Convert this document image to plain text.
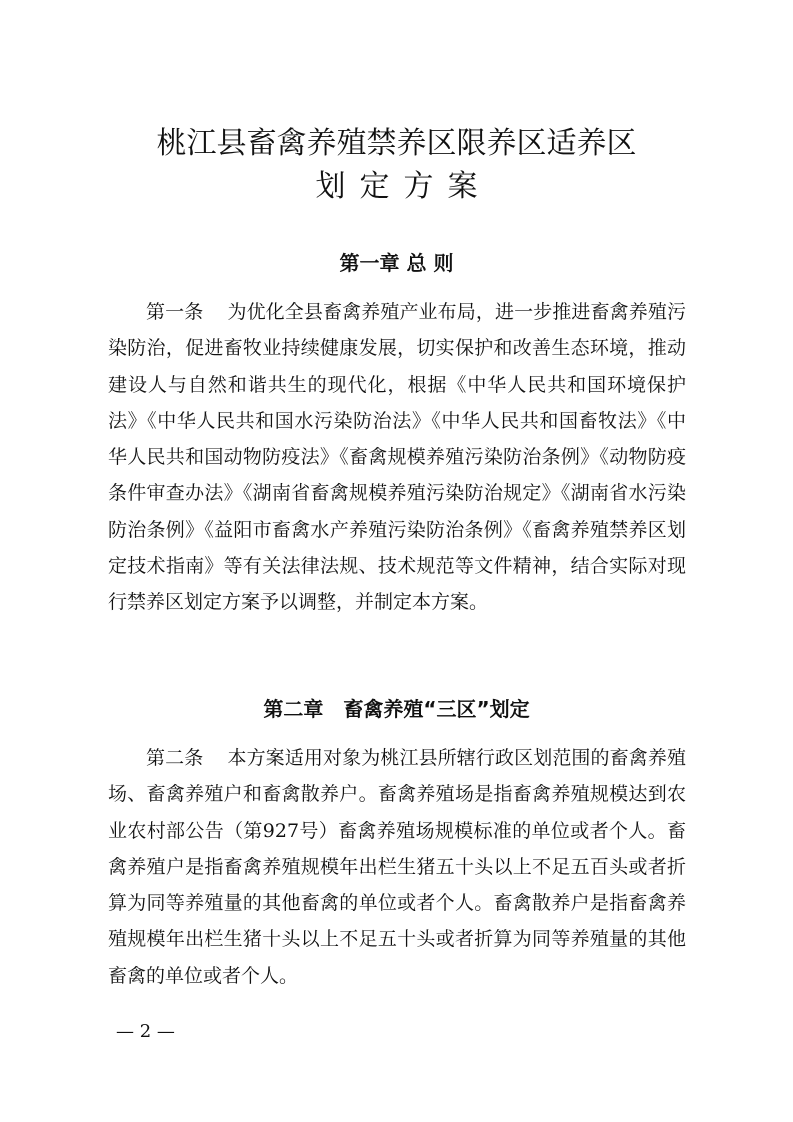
桃江县畜禽养殖禁养区限养区适养区
划定方案
第一章 总 则

第一条 为优化全县畜禽养殖产业布局，进一步推进畜禽养殖污染防治，促进畜牧业持续健康发展，切实保护和改善生态环境，推动建设人与自然和谐共生的现代化，根据《中华人民共和国环境保护法》《中华人民共和国水污染防治法》《中华人民共和国畜牧法》《中华人民共和国动物防疫法》《畜禽规模养殖污染防治条例》《动物防疫条件审查办法》《湖南省畜禽规模养殖污染防治规定》《湖南省水污染防治条例》《益阳市畜禽水产养殖污染防治条例》《畜禽养殖禁养区划定技术指南》等有关法律法规、技术规范等文件精神，结合实际对现行禁养区划定方案予以调整，并制定本方案。

第二章　畜禽养殖“三区”划定

第二条 本方案适用对象为桃江县所辖行政区划范围的畜禽养殖场、畜禽养殖户和畜禽散养户。畜禽养殖场是指畜禽养殖规模达到农业农村部公告（第927号）畜禽养殖场规模标准的单位或者个人。畜禽养殖户是指畜禽养殖规模年出栏生猪五十头以上不足五百头或者折算为同等养殖量的其他畜禽的单位或者个人。畜禽散养户是指畜禽养殖规模年出栏生猪十头以上不足五十头或者折算为同等养殖量的其他畜禽的单位或者个人。

— 2 —
